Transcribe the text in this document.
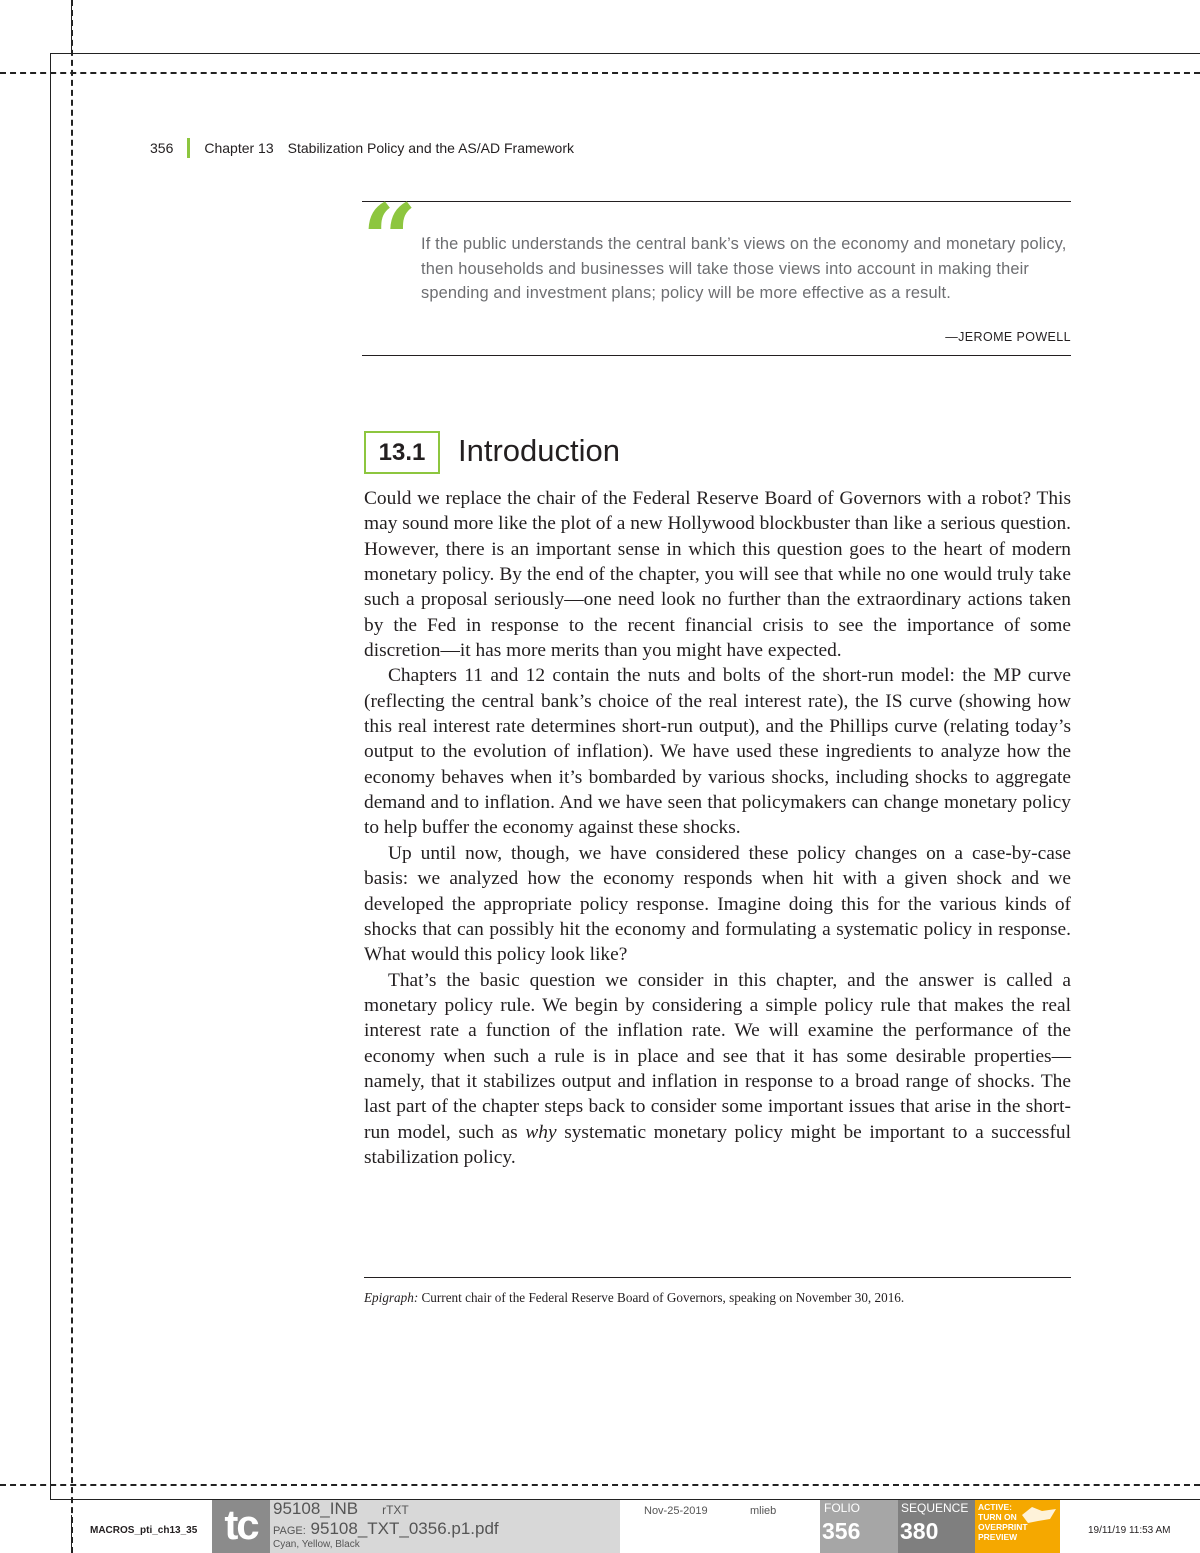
356 Chapter 13 Stabilization Policy and the AS/AD Framework
“ If the public understands the central bank’s views on the economy and monetary policy, then households and businesses will take those views into account in making their spending and investment plans; policy will be more effective as a result.
—JEROME POWELL
13.1	Introduction

Could we replace the chair of the Federal Reserve Board of Governors with a robot? This may sound more like the plot of a new Hollywood blockbuster than like a serious question. However, there is an important sense in which this question goes to the heart of modern monetary policy. By the end of the chapter, you will see that while no one would truly take such a proposal seriously—one need look no further than the extraordinary actions taken by the Fed in response to the recent financial crisis to see the importance of some discretion—it has more merits than you might have expected.

Chapters 11 and 12 contain the nuts and bolts of the short-run model: the MP curve (reflecting the central bank’s choice of the real interest rate), the IS curve (showing how this real interest rate determines short-run output), and the Phillips curve (relating today’s output to the evolution of inflation). We have used these ingredients to analyze how the economy behaves when it’s bombarded by various shocks, including shocks to aggregate demand and to inflation. And we have seen that policymakers can change monetary policy to help buffer the economy against these shocks.

Up until now, though, we have considered these policy changes on a case-by-case basis: we analyzed how the economy responds when hit with a given shock and we developed the appropriate policy response. Imagine doing this for the various kinds of shocks that can possibly hit the economy and formulating a systematic policy in response. What would this policy look like?

That’s the basic question we consider in this chapter, and the answer is called a monetary policy rule. We begin by considering a simple policy rule that makes the real interest rate a function of the inflation rate. We will examine the performance of the economy when such a rule is in place and see that it has some desirable properties—namely, that it stabilizes output and inflation in response to a broad range of shocks. The last part of the chapter steps back to consider some important issues that arise in the short-run model, such as why systematic monetary policy might be important to a successful stabilization policy.

Epigraph: Current chair of the Federal Reserve Board of Governors, speaking on November 30, 2016.
MACROS_pti_ch13_35 tc 95108_INB rTXT
PAGE: 95108_TXT_0356.p1.pdf
Cyan, Yellow, Black
Nov-25-2019	mlieb	FOLIO
356
SEQUENCE
380
ACTIVE: TURN ON OVERPRINT PREVIEW
19/11/19 11:53 AM
